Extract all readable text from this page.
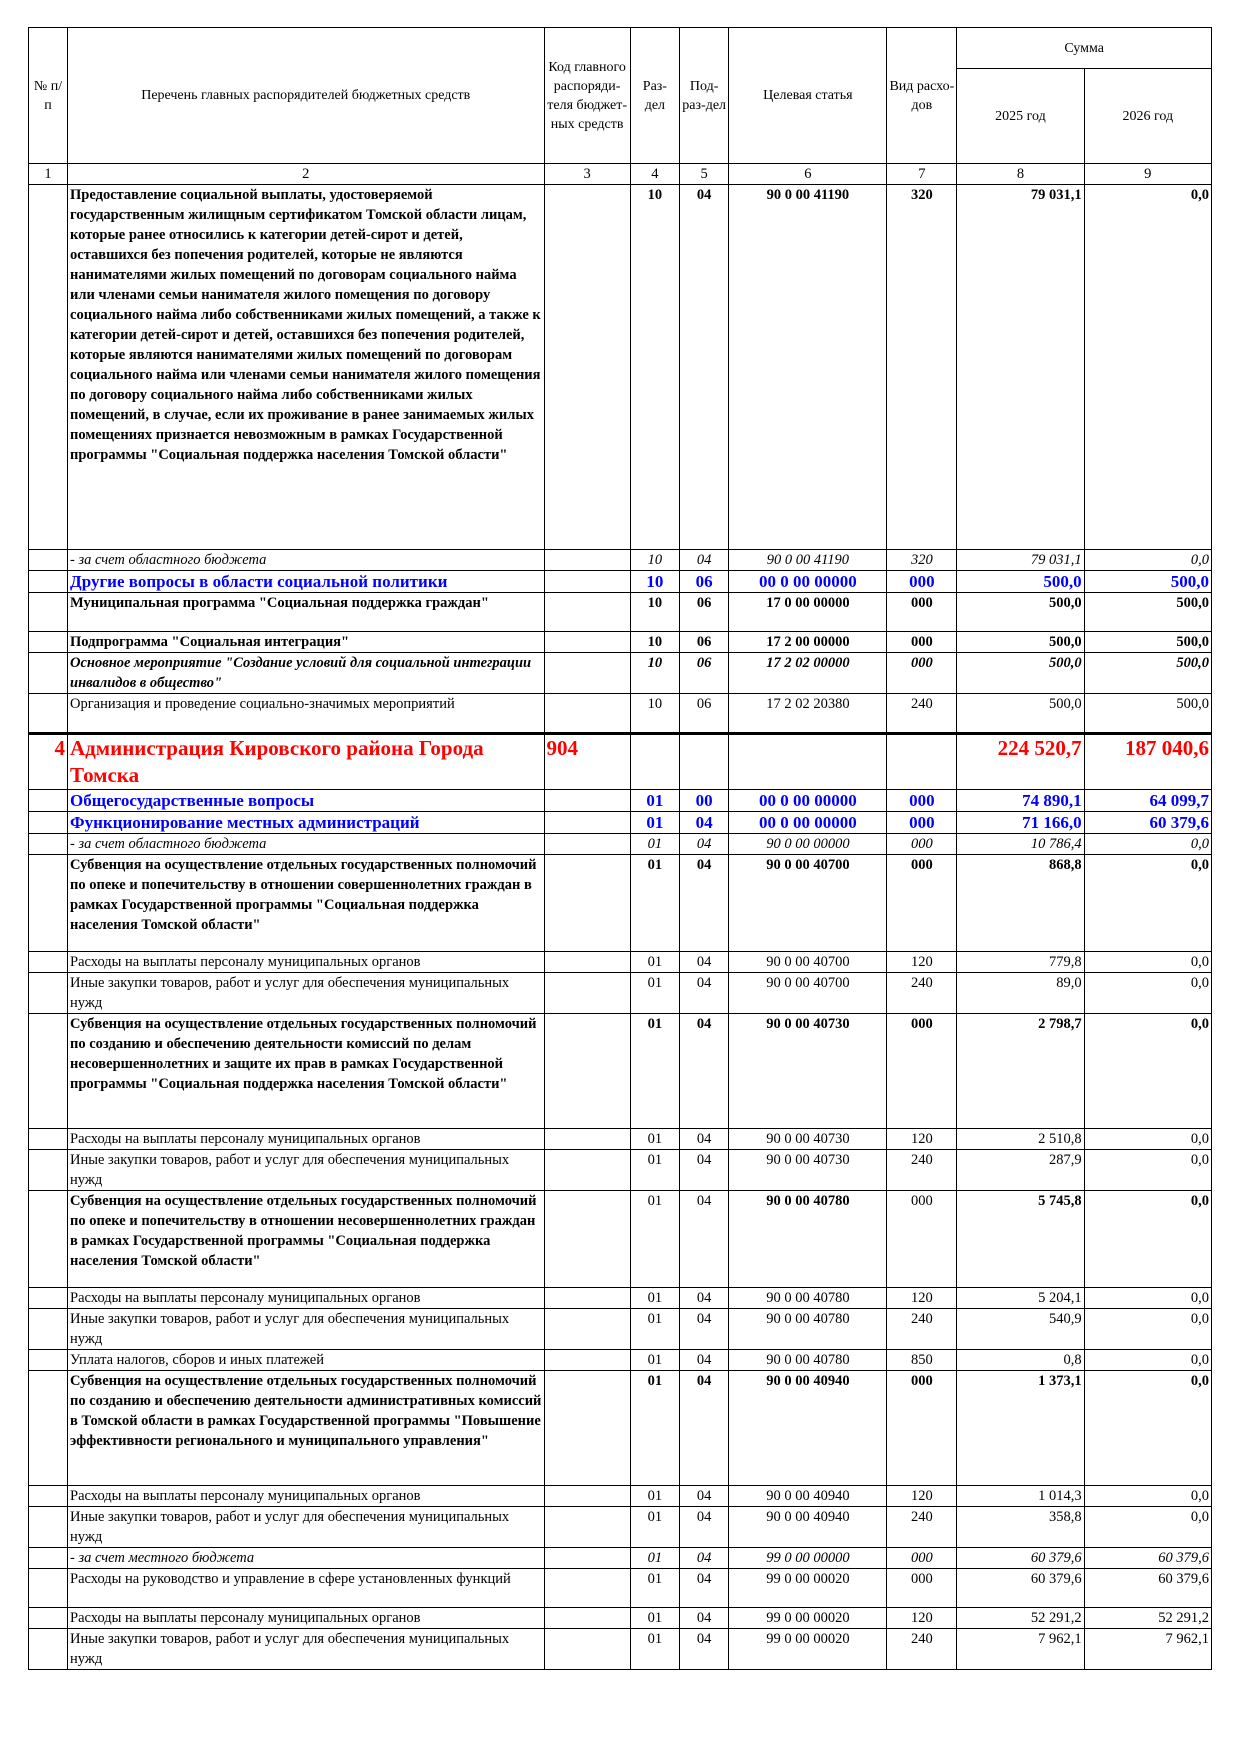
№ п/п	Перечень главных распорядителей бюджетных средств	Код главного распоряди-теля бюджет-ных средств	Раз-дел	Под-раз-дел	Целевая статья	Вид расхо-дов	Сумма	
							2025 год	2026 год
1	2	3	4	5	6	7	8	9
	Предоставление социальной выплаты, удостоверяемой государственным жилищным сертификатом Томской области лицам, которые ранее относились к категории детей-сирот и детей, оставшихся без попечения родителей, которые не являются нанимателями жилых помещений по договорам социального найма или членами семьи нанимателя жилого помещения по договору социального найма либо собственниками жилых помещений, а также к категории детей-сирот и детей, оставшихся без попечения родителей, которые являются нанимателями жилых помещений по договорам социального найма или членами семьи нанимателя жилого помещения по договору социального найма либо собственниками жилых помещений, в случае, если их проживание в ранее занимаемых жилых помещениях признается невозможным в рамках Государственной программы "Социальная поддержка населения Томской области"		10	04	90 0 00 41190	320	79 031,1	0,0
	- за счет областного бюджета		10	04	90 0 00 41190	320	79 031,1	0,0
	Другие вопросы в области социальной политики		10	06	00 0 00 00000	000	500,0	500,0
	Муниципальная программа "Социальная поддержка граждан"		10	06	17 0 00 00000	000	500,0	500,0
	Подпрограмма "Социальная интеграция"		10	06	17 2 00 00000	000	500,0	500,0
	Основное мероприятие "Создание условий для социальной интеграции инвалидов в общество"		10	06	17 2 02 00000	000	500,0	500,0
	Организация и проведение социально-значимых мероприятий		10	06	17 2 02 20380	240	500,0	500,0
4	Администрация Кировского района Города Томска	904					224 520,7	187 040,6
	Общегосударственные вопросы		01	00	00 0 00 00000	000	74 890,1	64 099,7
	Функционирование местных администраций		01	04	00 0 00 00000	000	71 166,0	60 379,6
	- за счет областного бюджета		01	04	90 0 00 00000	000	10 786,4	0,0
	Субвенция на осуществление отдельных государственных полномочий по опеке и попечительству в отношении совершеннолетних граждан в рамках Государственной программы "Социальная поддержка населения Томской области"		01	04	90 0 00 40700	000	868,8	0,0
	Расходы на выплаты персоналу муниципальных органов		01	04	90 0 00 40700	120	779,8	0,0
	Иные закупки товаров, работ и услуг для обеспечения муниципальных нужд		01	04	90 0 00 40700	240	89,0	0,0
	Субвенция на осуществление отдельных государственных полномочий по созданию и обеспечению деятельности комиссий по делам несовершеннолетних и защите их прав в рамках Государственной программы "Социальная поддержка населения Томской области"		01	04	90 0 00 40730	000	2 798,7	0,0
	Расходы на выплаты персоналу муниципальных органов		01	04	90 0 00 40730	120	2 510,8	0,0
	Иные закупки товаров, работ и услуг для обеспечения муниципальных нужд		01	04	90 0 00 40730	240	287,9	0,0
	Субвенция на осуществление отдельных государственных полномочий по опеке и попечительству в отношении несовершеннолетних граждан в рамках Государственной программы "Социальная поддержка населения Томской области"		01	04	90 0 00 40780	000	5 745,8	0,0
	Расходы на выплаты персоналу муниципальных органов		01	04	90 0 00 40780	120	5 204,1	0,0
	Иные закупки товаров, работ и услуг для обеспечения муниципальных нужд		01	04	90 0 00 40780	240	540,9	0,0
	Уплата налогов, сборов и иных платежей		01	04	90 0 00 40780	850	0,8	0,0
	Субвенция на осуществление отдельных государственных полномочий по созданию и обеспечению деятельности административных комиссий в Томской области в рамках Государственной программы "Повышение эффективности регионального и муниципального управления"		01	04	90 0 00 40940	000	1 373,1	0,0
	Расходы на выплаты персоналу муниципальных органов		01	04	90 0 00 40940	120	1 014,3	0,0
	Иные закупки товаров, работ и услуг для обеспечения муниципальных нужд		01	04	90 0 00 40940	240	358,8	0,0
	- за счет местного бюджета		01	04	99 0 00 00000	000	60 379,6	60 379,6
	Расходы на руководство и управление в сфере установленных функций		01	04	99 0 00 00020	000	60 379,6	60 379,6
	Расходы на выплаты персоналу муниципальных органов		01	04	99 0 00 00020	120	52 291,2	52 291,2
	Иные закупки товаров, работ и услуг для обеспечения муниципальных нужд		01	04	99 0 00 00020	240	7 962,1	7 962,1
